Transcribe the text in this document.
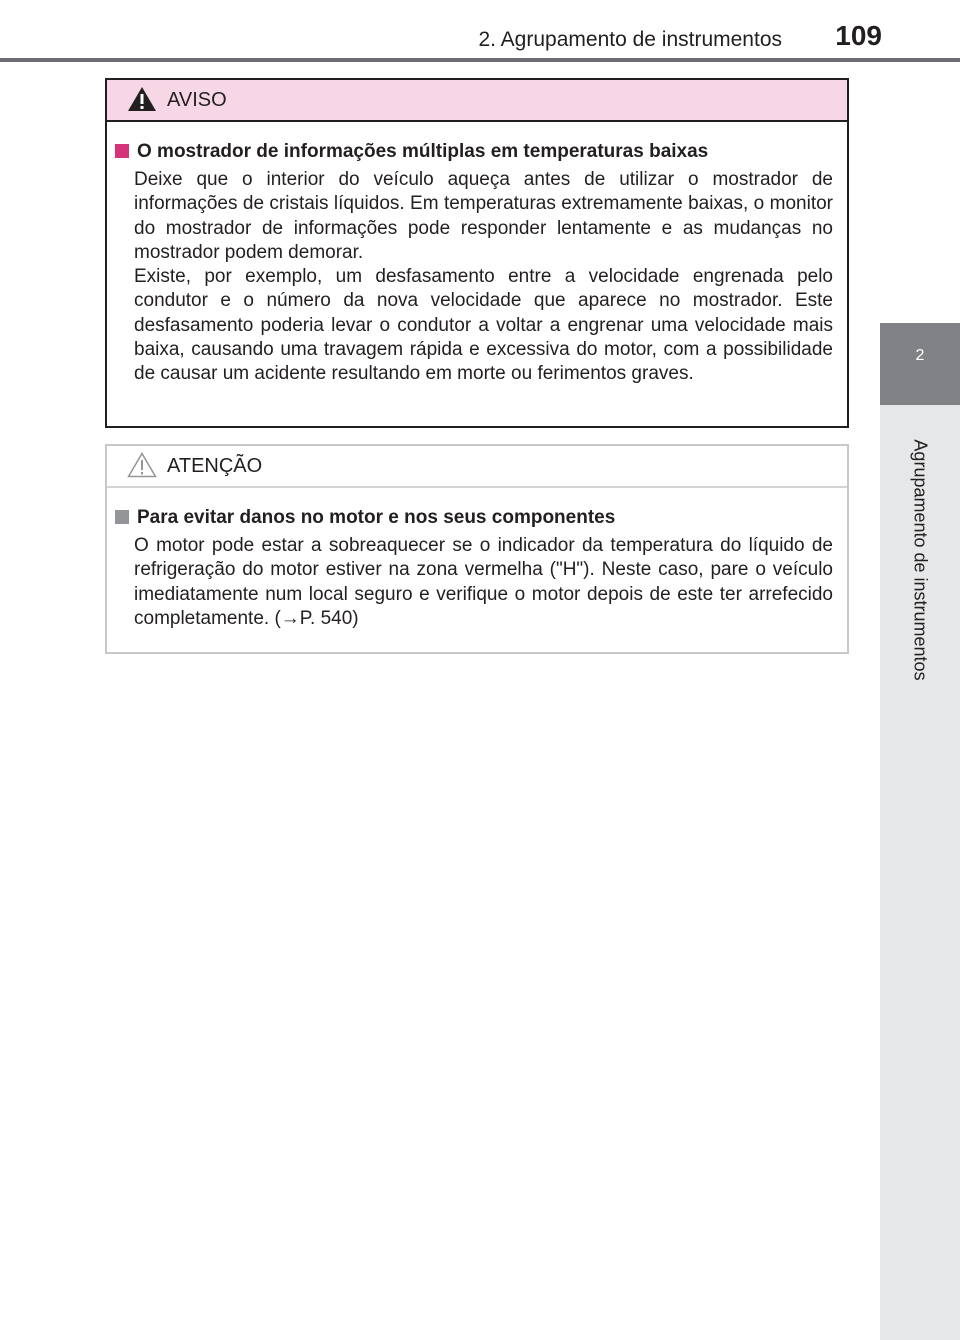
2. Agrupamento de instrumentos 109
2
Agrupamento de instrumentos
AVISO
O mostrador de informações múltiplas em temperaturas baixas

Deixe que o interior do veículo aqueça antes de utilizar o mostrador de informações de cristais líquidos. Em temperaturas extremamente baixas, o monitor do mostrador de informações pode responder lentamente e as mudanças no mostrador podem demorar.

Existe, por exemplo, um desfasamento entre a velocidade engrenada pelo condutor e o número da nova velocidade que aparece no mostrador. Este desfasamento poderia levar o condutor a voltar a engrenar uma velocidade mais baixa, causando uma travagem rápida e excessiva do motor, com a possibilidade de causar um acidente resultando em morte ou ferimentos graves.

ATENÇÃO
Para evitar danos no motor e nos seus componentes

O motor pode estar a sobreaquecer se o indicador da temperatura do líquido de refrigeração do motor estiver na zona vermelha ("H"). Neste caso, pare o veículo imediatamente num local seguro e verifique o motor depois de este ter arrefecido completamente. (→P. 540)
